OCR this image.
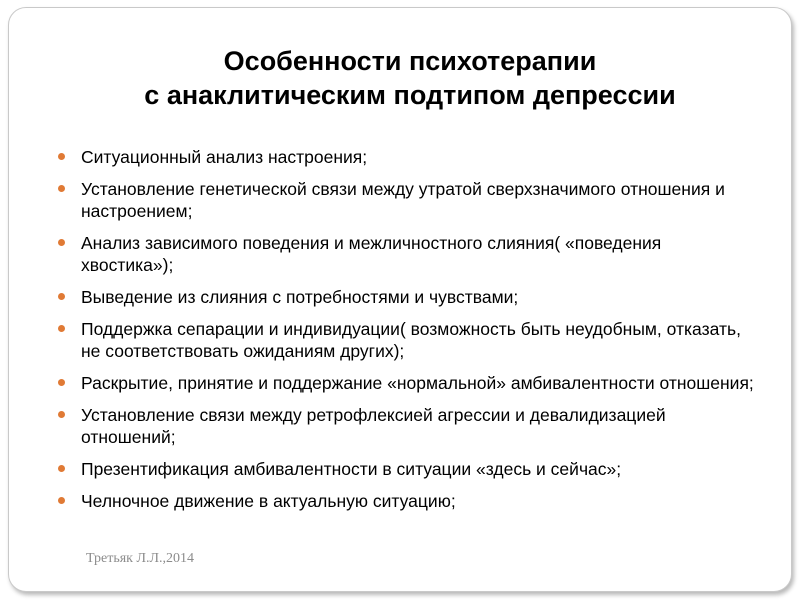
Особенности психотерапии
с анаклитическим подтипом депрессии
Ситуационный анализ настроения;
Установление генетической связи между утратой сверхзначимого отношения и настроением;
Анализ зависимого поведения и межличностного слияния( «поведения хвостика»);
Выведение из слияния с потребностями и чувствами;
Поддержка сепарации и индивидуации( возможность быть неудобным, отказать, не соответствовать ожиданиям других);
Раскрытие, принятие и поддержание «нормальной» амбивалентности отношения;
Установление связи между ретрофлексией агрессии и девалидизацией отношений;
Презентификация амбивалентности в ситуации «здесь и сейчас»;
Челночное движение в актуальную ситуацию;
Третьяк Л.Л.,2014
